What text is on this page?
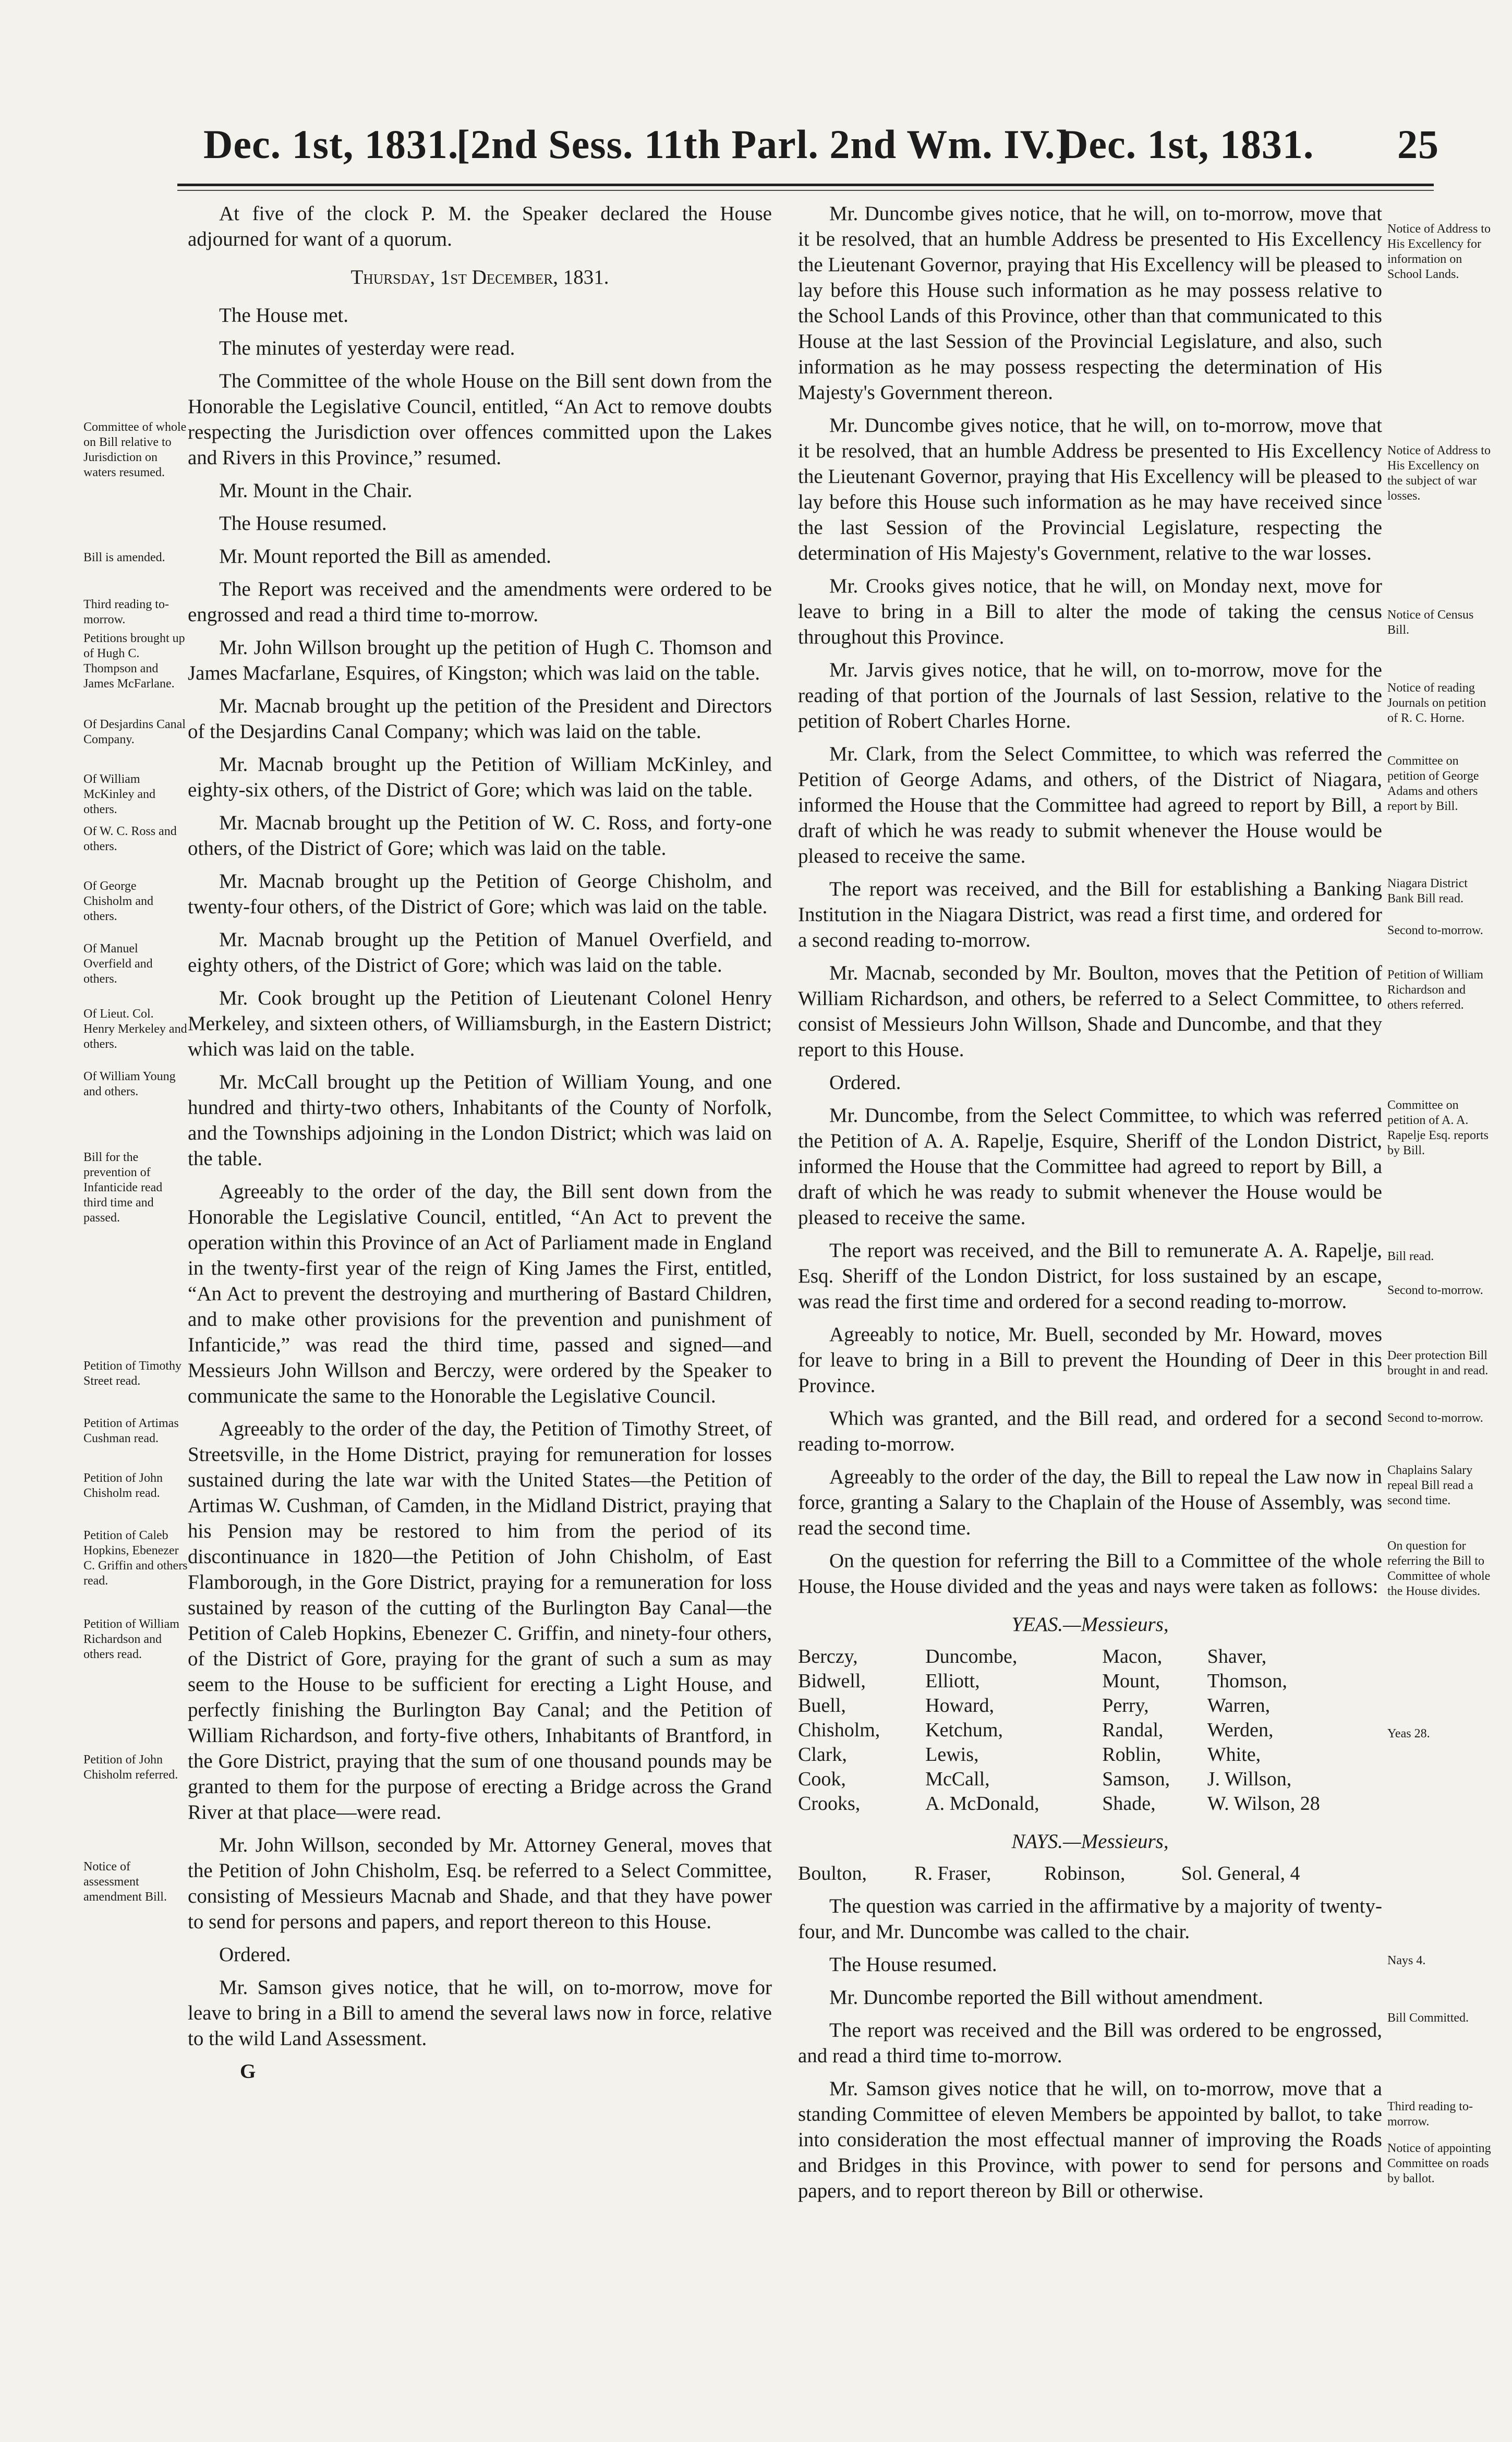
Dec. 1st, 1831.
[2nd Sess. 11th Parl. 2nd Wm. IV.]
Dec. 1st, 1831. 25
Committee of whole on Bill relative to Jurisdiction on waters resumed.
Bill is amended.
Third reading to-morrow.
Petitions brought up of Hugh C. Thompson and James McFarlane.
Of Desjardins Canal Company.
Of William McKinley and others.
Of W. C. Ross and others.
Of George Chisholm and others.
Of Manuel Overfield and others.
Of Lieut. Col. Henry Merkeley and others.
Of William Young and others.
Bill for the prevention of Infanticide read third time and passed.
Petition of Timothy Street read.
Petition of Artimas Cushman read.
Petition of John Chisholm read.
Petition of Caleb Hopkins, Ebenezer C. Griffin and others read.
Petition of William Richardson and others read.
Petition of John Chisholm referred.
Notice of assessment amendment Bill.

At five of the clock P. M. the Speaker declared the House adjourned for want of a quorum.

Thursday, 1st December, 1831.

The House met.

The minutes of yesterday were read.

The Committee of the whole House on the Bill sent down from the Honorable the Legislative Council, entitled, “An Act to remove doubts respecting the Jurisdiction over offences committed upon the Lakes and Rivers in this Province,” resumed.

Mr. Mount in the Chair.

The House resumed.

Mr. Mount reported the Bill as amended.

The Report was received and the amendments were ordered to be engrossed and read a third time to-morrow.

Mr. John Willson brought up the petition of Hugh C. Thomson and James Macfarlane, Esquires, of Kingston; which was laid on the table.

Mr. Macnab brought up the petition of the President and Directors of the Desjardins Canal Company; which was laid on the table.

Mr. Macnab brought up the Petition of William McKinley, and eighty-six others, of the District of Gore; which was laid on the table.

Mr. Macnab brought up the Petition of W. C. Ross, and forty-one others, of the District of Gore; which was laid on the table.

Mr. Macnab brought up the Petition of George Chisholm, and twenty-four others, of the District of Gore; which was laid on the table.

Mr. Macnab brought up the Petition of Manuel Overfield, and eighty others, of the District of Gore; which was laid on the table.

Mr. Cook brought up the Petition of Lieutenant Colonel Henry Merkeley, and sixteen others, of Williamsburgh, in the Eastern District; which was laid on the table.

Mr. McCall brought up the Petition of William Young, and one hundred and thirty-two others, Inhabitants of the County of Norfolk, and the Townships adjoining in the London District; which was laid on the table.

Agreeably to the order of the day, the Bill sent down from the Honorable the Legislative Council, entitled, “An Act to prevent the operation within this Province of an Act of Parliament made in England in the twenty-first year of the reign of King James the First, entitled, “An Act to prevent the destroying and murthering of Bastard Children, and to make other provisions for the prevention and punishment of Infanticide,” was read the third time, passed and signed—and Messieurs John Willson and Berczy, were ordered by the Speaker to communicate the same to the Honorable the Legislative Council.

Agreeably to the order of the day, the Petition of Timothy Street, of Streetsville, in the Home District, praying for remuneration for losses sustained during the late war with the United States—the Petition of Artimas W. Cushman, of Camden, in the Midland District, praying that his Pension may be restored to him from the period of its discontinuance in 1820—the Petition of John Chisholm, of East Flamborough, in the Gore District, praying for a remuneration for loss sustained by reason of the cutting of the Burlington Bay Canal—the Petition of Caleb Hopkins, Ebenezer C. Griffin, and ninety-four others, of the District of Gore, praying for the grant of such a sum as may seem to the House to be sufficient for erecting a Light House, and perfectly finishing the Burlington Bay Canal; and the Petition of William Richardson, and forty-five others, Inhabitants of Brantford, in the Gore District, praying that the sum of one thousand pounds may be granted to them for the purpose of erecting a Bridge across the Grand River at that place—were read.

Mr. John Willson, seconded by Mr. Attorney General, moves that the Petition of John Chisholm, Esq. be referred to a Select Committee, consisting of Messieurs Macnab and Shade, and that they have power to send for persons and papers, and report thereon to this House.

Ordered.

Mr. Samson gives notice, that he will, on to-morrow, move for leave to bring in a Bill to amend the several laws now in force, relative to the wild Land Assessment.

G

Mr. Duncombe gives notice, that he will, on to-morrow, move that it be resolved, that an humble Address be presented to His Excellency the Lieutenant Governor, praying that His Excellency will be pleased to lay before this House such information as he may possess relative to the School Lands of this Province, other than that communicated to this House at the last Session of the Provincial Legislature, and also, such information as he may possess respecting the determination of His Majesty's Government thereon.

Mr. Duncombe gives notice, that he will, on to-morrow, move that it be resolved, that an humble Address be presented to His Excellency the Lieutenant Governor, praying that His Excellency will be pleased to lay before this House such information as he may have received since the last Session of the Provincial Legislature, respecting the determination of His Majesty's Government, relative to the war losses.

Mr. Crooks gives notice, that he will, on Monday next, move for leave to bring in a Bill to alter the mode of taking the census throughout this Province.

Mr. Jarvis gives notice, that he will, on to-morrow, move for the reading of that portion of the Journals of last Session, relative to the petition of Robert Charles Horne.

Mr. Clark, from the Select Committee, to which was referred the Petition of George Adams, and others, of the District of Niagara, informed the House that the Committee had agreed to report by Bill, a draft of which he was ready to submit whenever the House would be pleased to receive the same.

The report was received, and the Bill for establishing a Banking Institution in the Niagara District, was read a first time, and ordered for a second reading to-morrow.

Mr. Macnab, seconded by Mr. Boulton, moves that the Petition of William Richardson, and others, be referred to a Select Committee, to consist of Messieurs John Willson, Shade and Duncombe, and that they report to this House.

Ordered.

Mr. Duncombe, from the Select Committee, to which was referred the Petition of A. A. Rapelje, Esquire, Sheriff of the London District, informed the House that the Committee had agreed to report by Bill, a draft of which he was ready to submit whenever the House would be pleased to receive the same.

The report was received, and the Bill to remunerate A. A. Rapelje, Esq. Sheriff of the London District, for loss sustained by an escape, was read the first time and ordered for a second reading to-morrow.

Agreeably to notice, Mr. Buell, seconded by Mr. Howard, moves for leave to bring in a Bill to prevent the Hounding of Deer in this Province.

Which was granted, and the Bill read, and ordered for a second reading to-morrow.

Agreeably to the order of the day, the Bill to repeal the Law now in force, granting a Salary to the Chaplain of the House of Assembly, was read the second time.

On the question for referring the Bill to a Committee of the whole House, the House divided and the yeas and nays were taken as follows:

YEAS.—Messieurs,

Berczy,	Duncombe,	Macon,	Shaver,
Bidwell,	Elliott,	Mount,	Thomson,
Buell,	Howard,	Perry,	Warren,
Chisholm,	Ketchum,	Randal,	Werden,
Clark,	Lewis,	Roblin,	White,
Cook,	McCall,	Samson,	J. Willson,
Crooks,	A. McDonald,	Shade,	W. Wilson, 28

NAYS.—Messieurs,

Boulton,	R. Fraser,	Robinson,	Sol. General, 4

The question was carried in the affirmative by a majority of twenty-four, and Mr. Duncombe was called to the chair.

The House resumed.

Mr. Duncombe reported the Bill without amendment.

The report was received and the Bill was ordered to be engrossed, and read a third time to-morrow.

Mr. Samson gives notice that he will, on to-morrow, move that a standing Committee of eleven Members be appointed by ballot, to take into consideration the most effectual manner of improving the Roads and Bridges in this Province, with power to send for persons and papers, and to report thereon by Bill or otherwise.

Notice of Address to His Excellency for information on School Lands.
Notice of Address to His Excellency on the subject of war losses.
Notice of Census Bill.
Notice of reading Journals on petition of R. C. Horne.
Committee on petition of George Adams and others report by Bill.
Niagara District Bank Bill read.
Second to-morrow.
Petition of William Richardson and others referred.
Committee on petition of A. A. Rapelje Esq. reports by Bill.
Bill read.
Second to-morrow.
Deer protection Bill brought in and read.
Second to-morrow.
Chaplains Salary repeal Bill read a second time.
On question for referring the Bill to Committee of whole the House divides.
Yeas 28.
Nays 4.
Bill Committed.
Third reading to-morrow.
Notice of appointing Committee on roads by ballot.
